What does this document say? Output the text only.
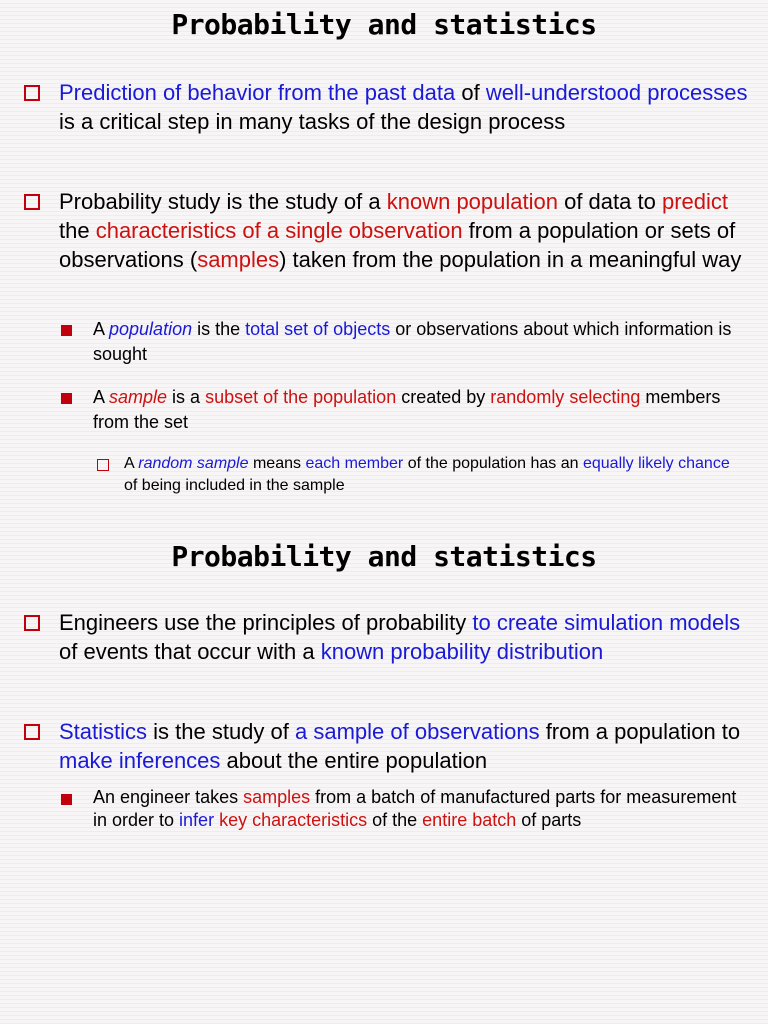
Probability and statistics

Prediction of behavior from the past data of well-understood processes is a critical step in many tasks of the design process

Probability study is the study of a known population of data to predict the characteristics of a single observation from a population or sets of observations (samples) taken from the population in a meaningful way

A population is the total set of objects or observations about which information is sought

A sample is a subset of the population created by randomly selecting members from the set

A random sample means each member of the population has an equally likely chance of being included in the sample

Probability and statistics

Engineers use the principles of probability to create simulation models of events that occur with a known probability distribution

Statistics is the study of a sample of observations from a population to make inferences about the entire population

An engineer takes samples from a batch of manufactured parts for measurement in order to infer key characteristics of the entire batch of parts
